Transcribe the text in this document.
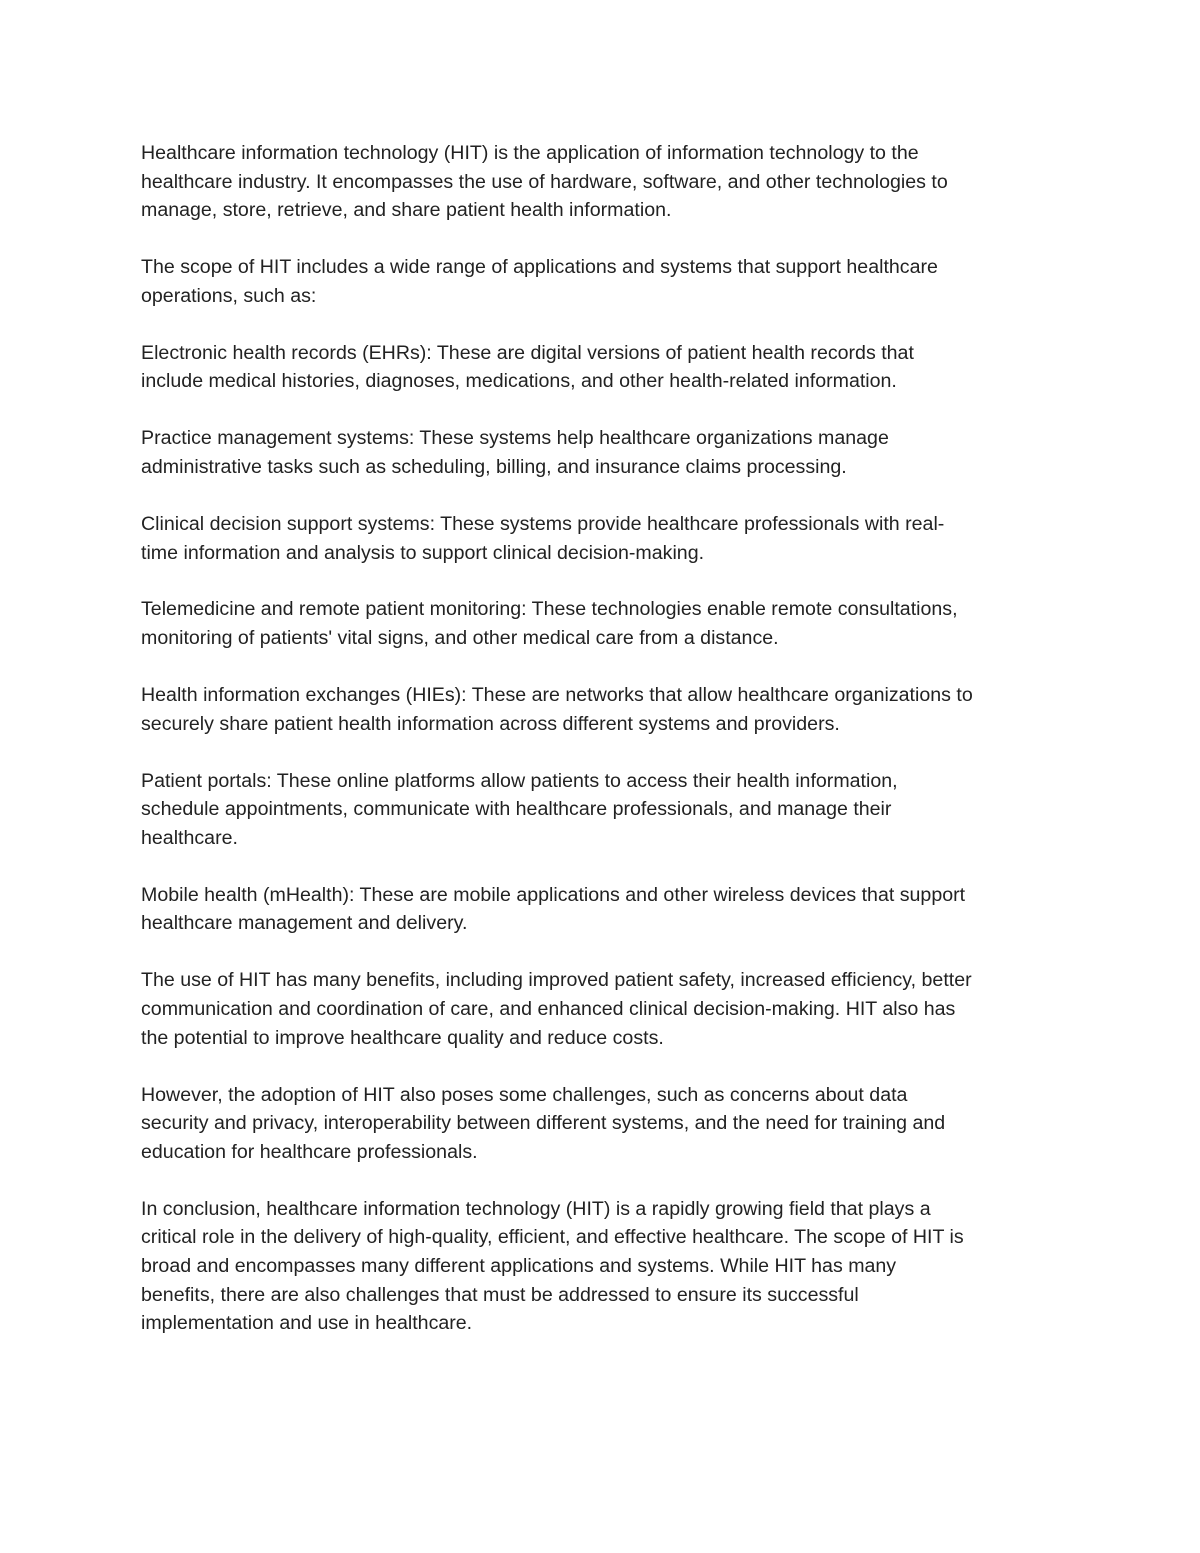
Healthcare information technology (HIT) is the application of information technology to the
healthcare industry. It encompasses the use of hardware, software, and other technologies to
manage, store, retrieve, and share patient health information.

The scope of HIT includes a wide range of applications and systems that support healthcare
operations, such as:

Electronic health records (EHRs): These are digital versions of patient health records that
include medical histories, diagnoses, medications, and other health-related information.

Practice management systems: These systems help healthcare organizations manage
administrative tasks such as scheduling, billing, and insurance claims processing.

Clinical decision support systems: These systems provide healthcare professionals with real-
time information and analysis to support clinical decision-making.

Telemedicine and remote patient monitoring: These technologies enable remote consultations,
monitoring of patients' vital signs, and other medical care from a distance.

Health information exchanges (HIEs): These are networks that allow healthcare organizations to
securely share patient health information across different systems and providers.

Patient portals: These online platforms allow patients to access their health information,
schedule appointments, communicate with healthcare professionals, and manage their
healthcare.

Mobile health (mHealth): These are mobile applications and other wireless devices that support
healthcare management and delivery.

The use of HIT has many benefits, including improved patient safety, increased efficiency, better
communication and coordination of care, and enhanced clinical decision-making. HIT also has
the potential to improve healthcare quality and reduce costs.

However, the adoption of HIT also poses some challenges, such as concerns about data
security and privacy, interoperability between different systems, and the need for training and
education for healthcare professionals.

In conclusion, healthcare information technology (HIT) is a rapidly growing field that plays a
critical role in the delivery of high-quality, efficient, and effective healthcare. The scope of HIT is
broad and encompasses many different applications and systems. While HIT has many
benefits, there are also challenges that must be addressed to ensure its successful
implementation and use in healthcare.
